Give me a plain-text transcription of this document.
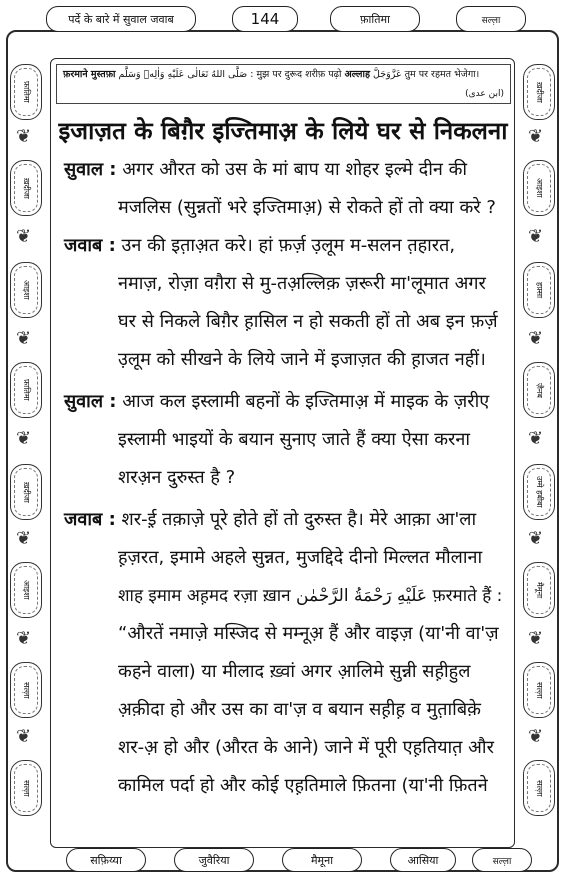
पर्दे के बारे में सुवाल जवाब	144	फ़ातिमा	सल्ल़ा
फ़रमाने मुस्तफ़ा صَلَّى اللهُ تَعَالٰى عَلَيْهِ وَاٰلِهٖ وَسَلَّم : मुझ पर दुरूद शरीफ़ पढ़ो अल्लाह عَزَّوَجَلَّ तुम पर रहमत भेजेगा।
(ابن عدی)
फ़ातिमा
ख़दीजा
आइशा
फ़ातिमा
ख़दीजा
आइशा
सल्ल़ा
सल्ल़ा
ख़दीजा
आइशा
हफ़्सा
ज़ैनब
उम्मे हबीबा
मैमूना
सल्ल़ा
सल्ल़ा
❦
❦
❦
❦
❦
❦
❦
❦
❦
❦
❦
❦
❦
❦
इजाज़त के बिग़ैर इज्तिमाअ़ के लिये घर से निकलना
सुवाल : अगर औरत को उस के मां बाप या शोहर इल्मे दीन की
मजलिस (सुन्नतों भरे इज्तिमाअ़) से रोकते हों तो क्या करे ?
जवाब : उन की इत़ाअ़त करे। हां फ़र्ज़ उ़लूम म-सलन त़हारत,
नमाज़, रोज़ा वग़ैरा से मु-तअ़ल्लिक़ ज़रूरी मा'लूमात अगर
घर से निकले बिग़ैर ह़ासिल न हो सकती हों तो अब इन फ़र्ज़
उ़लूम को सीखने के लिये जाने में इजाज़त की ह़ाजत नहीं।
सुवाल : आज कल इस्लामी बहनों के इज्तिमाअ़ में माइक के ज़रीए
इस्लामी भाइयों के बयान सुनाए जाते हैं क्या ऐसा करना
शरअ़न दुरुस्त है ?
जवाब : शर-ई़ तक़ाज़े पूरे होते हों तो दुरुस्त है। मेरे आक़ा आ'ला
ह़ज़रत, इमामे अहले सुन्नत, मुजद्दिदे दीनो मिल्लत मौलाना
शाह इमाम अह़मद रज़ा ख़ान عَلَيْهِ رَحْمَةُ الرَّحْمٰن फ़रमाते हैं :
“औरतें नमाज़े मस्जिद से मम्नूअ़ हैं और वाइज़ (या'नी वा'ज़
कहने वाला) या मीलाद ख़्वां अगर आ़लिमे सुन्नी सह़ीहुल
अ़क़ीदा हो और उस का वा'ज़ व बयान सह़ीह़ व मुत़ाबिक़े
शर-अ़ हो और (औरत के आने) जाने में पूरी एह़तियात़ और
कामिल पर्दा हो और कोई एह़तिमाले फ़ितना (या'नी फ़ितने
सफ़िय्या	जुवैरिया	मैमूना	आसिया	सल्ल़ा
